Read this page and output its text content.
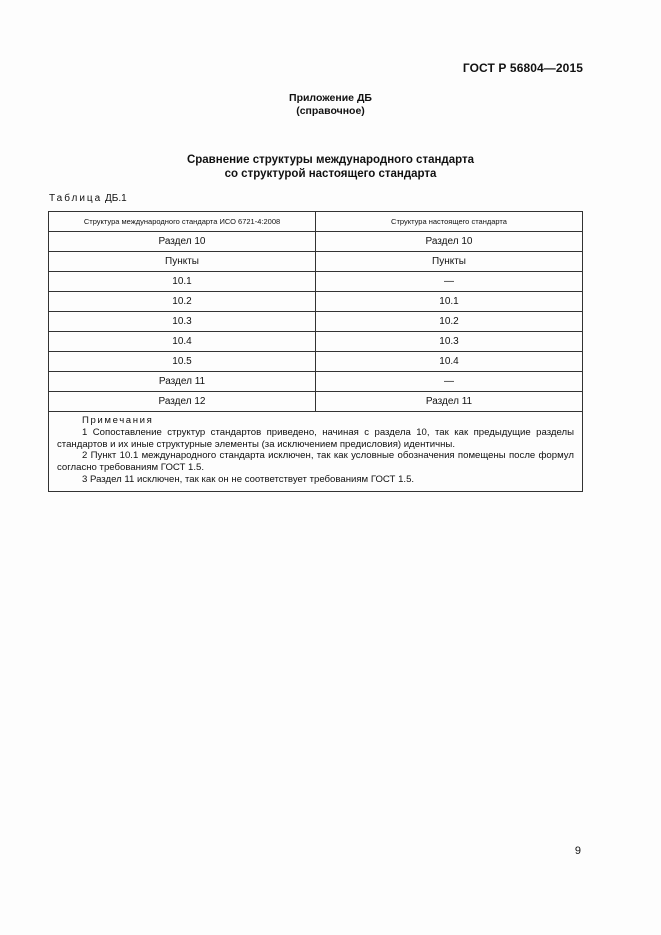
ГОСТ Р 56804—2015
Приложение ДБ
(справочное)
Сравнение структуры международного стандарта
со структурой настоящего стандарта
Таблица ДБ.1
Структура международного стандарта ИСО 6721-4:2008	Структура настоящего стандарта
Раздел 10	Раздел 10
Пункты	Пункты
10.1	—
10.2	10.1
10.3	10.2
10.4	10.3
10.5	10.4
Раздел 11	—
Раздел 12	Раздел 11

Примечания
1 Сопоставление структур стандартов приведено, начиная с раздела 10, так как предыдущие разделы стандартов и их иные структурные элементы (за исключением предисловия) идентичны.
2 Пункт 10.1 международного стандарта исключен, так как условные обозначения помещены после формул согласно требованиям ГОСТ 1.5.
3 Раздел 11 исключен, так как он не соответствует требованиям ГОСТ 1.5.	
9
